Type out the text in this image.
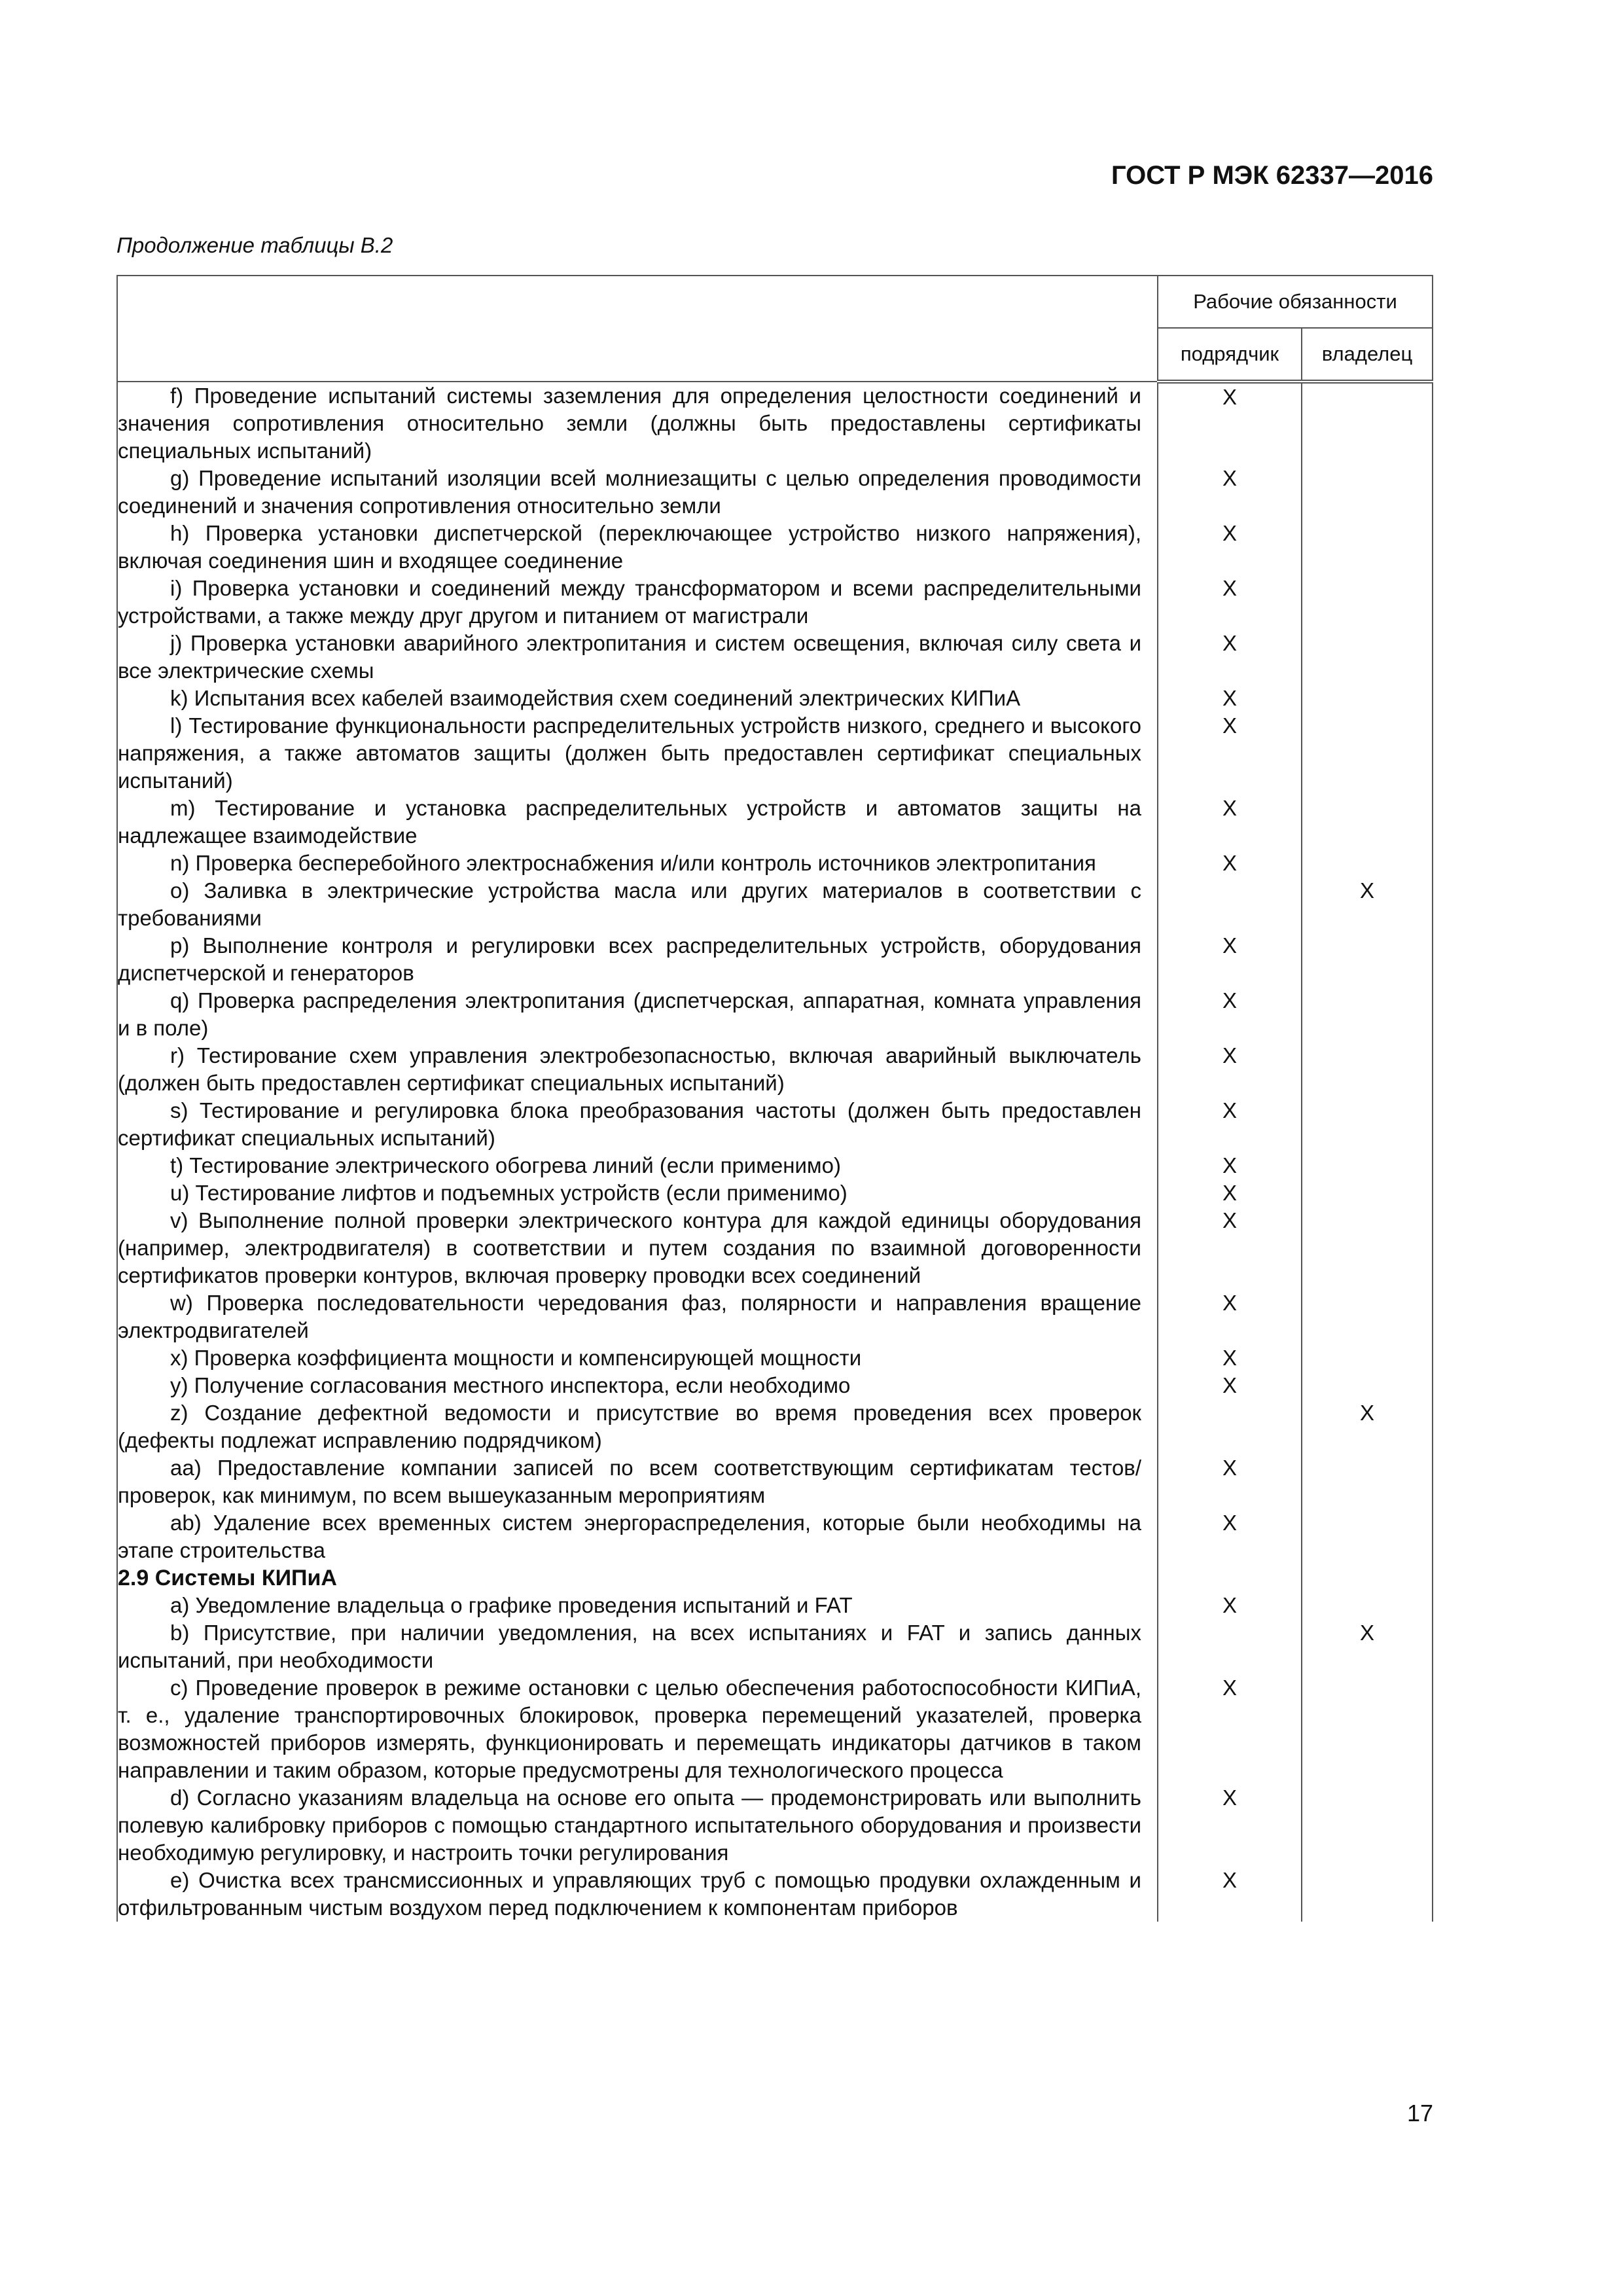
ГОСТ Р МЭК 62337—2016
Продолжение таблицы В.2
	Рабочие обязанности	
	подрядчик	владелец
f) Проведение испытаний системы заземления для определения целостности соединений и значения сопротивления относительно земли (должны быть предоставлены сертификаты специальных испытаний)	X	
g) Проведение испытаний изоляции всей молниезащиты с целью определения проводимости соединений и значения сопротивления относительно земли	X	
h) Проверка установки диспетчерской (переключающее устройство низкого напряжения), включая соединения шин и входящее соединение	X	
i) Проверка установки и соединений между трансформатором и всеми распределительными устройствами, а также между друг другом и питанием от магистрали	X	
j) Проверка установки аварийного электропитания и систем освещения, включая силу света и все электрические схемы	X	
k) Испытания всех кабелей взаимодействия схем соединений электрических КИПиА	X	
l) Тестирование функциональности распределительных устройств низкого, среднего и высокого напряжения, а также автоматов защиты (должен быть предоставлен сертификат специальных испытаний)	X	
m) Тестирование и установка распределительных устройств и автоматов защиты на надлежащее взаимодействие	X	
n) Проверка бесперебойного электроснабжения и/или контроль источников электропитания	X	
o) Заливка в электрические устройства масла или других материалов в соответствии с требованиями		X
p) Выполнение контроля и регулировки всех распределительных устройств, оборудования диспетчерской и генераторов	X	
q) Проверка распределения электропитания (диспетчерская, аппаратная, комната управления и в поле)	X	
r) Тестирование схем управления электробезопасностью, включая аварийный выключатель (должен быть предоставлен сертификат специальных испытаний)	X	
s) Тестирование и регулировка блока преобразования частоты (должен быть предоставлен сертификат специальных испытаний)	X	
t) Тестирование электрического обогрева линий (если применимо)	X	
u) Тестирование лифтов и подъемных устройств (если применимо)	X	
v) Выполнение полной проверки электрического контура для каждой единицы оборудования (например, электродвигателя) в соответствии и путем создания по взаимной договоренности сертификатов проверки контуров, включая проверку проводки всех соединений	X	
w) Проверка последовательности чередования фаз, полярности и направления вращение электродвигателей	X	
x) Проверка коэффициента мощности и компенсирующей мощности	X	
y) Получение согласования местного инспектора, если необходимо	X	
z) Создание дефектной ведомости и присутствие во время проведения всех проверок (дефекты подлежат исправлению подрядчиком)		X
aa) Предоставление компании записей по всем соответствующим сертификатам тестов/проверок, как минимум, по всем вышеуказанным мероприятиям	X	
ab) Удаление всех временных систем энергораспределения, которые были необходимы на этапе строительства	X	
2.9 Системы КИПиА		
a) Уведомление владельца о графике проведения испытаний и FAT	X	
b) Присутствие, при наличии уведомления, на всех испытаниях и FAT и запись данных испытаний, при необходимости		X
c) Проведение проверок в режиме остановки с целью обеспечения работоспособности КИПиА, т. е., удаление транспортировочных блокировок, проверка перемещений указателей, проверка возможностей приборов измерять, функционировать и перемещать индикаторы датчиков в таком направлении и таким образом, которые предусмотрены для технологического процесса	X	
d) Согласно указаниям владельца на основе его опыта — продемонстрировать или выполнить полевую калибровку приборов с помощью стандартного испытательного оборудования и произвести необходимую регулировку, и настроить точки регулирования	X	
e) Очистка всех трансмиссионных и управляющих труб с помощью продувки охлажденным и отфильтрованным чистым воздухом перед подключением к компонентам приборов	X	
17
